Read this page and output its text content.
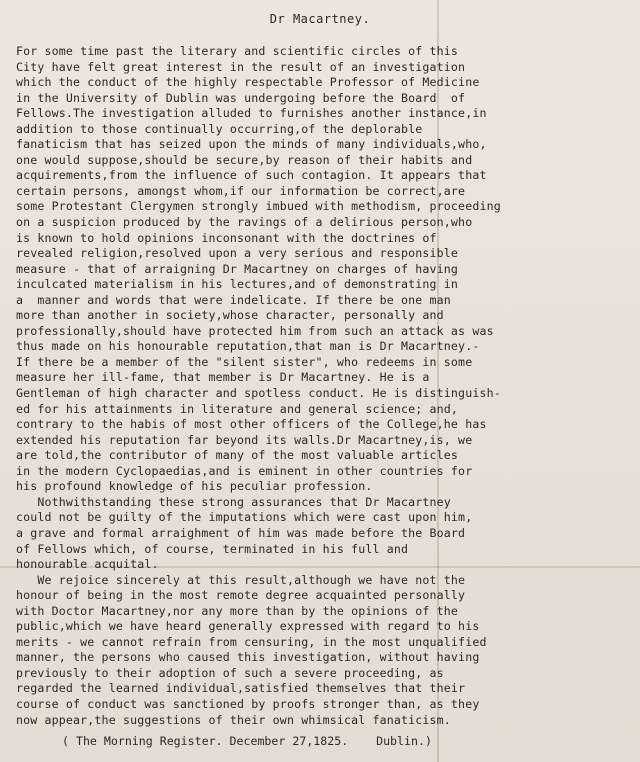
Dr Macartney.
For some time past the literary and scientific circles of this
City have felt great interest in the result of an investigation
which the conduct of the highly respectable Professor of Medicine
in the University of Dublin was undergoing before the Board  of
Fellows.The investigation alluded to furnishes another instance,in
addition to those continually occurring,of the deplorable
fanaticism that has seized upon the minds of many individuals,who,
one would suppose,should be secure,by reason of their habits and
acquirements,from the influence of such contagion. It appears that
certain persons, amongst whom,if our information be correct,are
some Protestant Clergymen strongly imbued with methodism, proceeding
on a suspicion produced by the ravings of a delirious person,who
is known to hold opinions inconsonant with the doctrines of
revealed religion,resolved upon a very serious and responsible
measure - that of arraigning Dr Macartney on charges of having
inculcated materialism in his lectures,and of demonstrating in
a  manner and words that were indelicate. If there be one man
more than another in society,whose character, personally and
professionally,should have protected him from such an attack as was
thus made on his honourable reputation,that man is Dr Macartney.-
If there be a member of the "silent sister", who redeems in some
measure her ill-fame, that member is Dr Macartney. He is a
Gentleman of high character and spotless conduct. He is distinguish-
ed for his attainments in literature and general science; and,
contrary to the habis of most other officers of the College,he has
extended his reputation far beyond its walls.Dr Macartney,is, we
are told,the contributor of many of the most valuable articles
in the modern Cyclopaedias,and is eminent in other countries for
his profound knowledge of his peculiar profession.
Nothwithstanding these strong assurances that Dr Macartney
could not be guilty of the imputations which were cast upon him,
a grave and formal arraighment of him was made before the Board
of Fellows which, of course, terminated in his full and
honourable acquital.
We rejoice sincerely at this result,although we have not the
honour of being in the most remote degree acquainted personally
with Doctor Macartney,nor any more than by the opinions of the
public,which we have heard generally expressed with regard to his
merits - we cannot refrain from censuring, in the most unqualified
manner, the persons who caused this investigation, without having
previously to their adoption of such a severe proceeding, as
regarded the learned individual,satisfied themselves that their
course of conduct was sanctioned by proofs stronger than, as they
now appear,the suggestions of their own whimsical fanaticism.
( The Morning Register. December 27,1825.    Dublin.)
